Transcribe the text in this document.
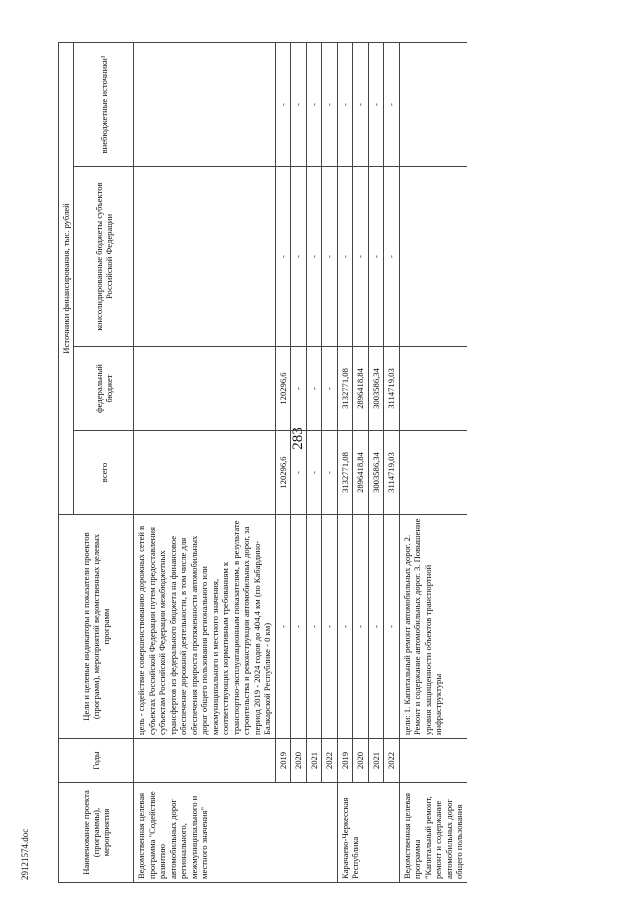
283
29121574.doc	Наименование проекта (программы), мероприятия	Годы	Цели и целевые индикаторы и показатели проектов (программ), мероприятий ведомственных целевых программ	Источники финансирования, тыс. рублей			
			всего	федеральный бюджет	консолидированные бюджеты субъектов Российской Федерации	внебюджетные источники¹
Ведомственная целевая программа "Содействие развитию автомобильных дорог регионального, межмуниципального и местного значения"		цель - содействие совершенствованию дорожных сетей в субъектах Российской Федерации путем предоставления субъектам Российской Федерации межбюджетных трансфертов из федерального бюджета на финансовое обеспечение дорожной деятельности, в том числе для обеспечения прироста протяженности автомобильных дорог общего пользования регионального или межмуниципального и местного значения, соответствующих нормативным требованиям к транспортно-эксплуатационным показателям, в результате строительства и реконструкции автомобильных дорог, за период 2019 - 2024 годов до 404,4 км (по Кабардино-Балкарской Республике - 0 км)				
	2019	-	120296,6	120296,6	-	-
	2020	-	-	-	-	-
	2021	-	-	-	-	-
	2022	-	-	-	-	-
Карачаево-Черкесская Республика	2019	-	3132771,08	3132771,08	-	-
	2020	-	2896418,84	2896418,84	-	-
	2021	-	3003586,34	3003586,34	-	-
	2022	-	3114719,03	3114719,03	-	-
Ведомственная целевая программа "Капитальный ремонт, ремонт и содержание автомобильных дорог общего пользования		цели: 1. Капитальный ремонт автомобильных дорог. 2. Ремонт и содержание автомобильных дорог. 3. Повышение уровня защищенности объектов транспортной инфраструктуры				
